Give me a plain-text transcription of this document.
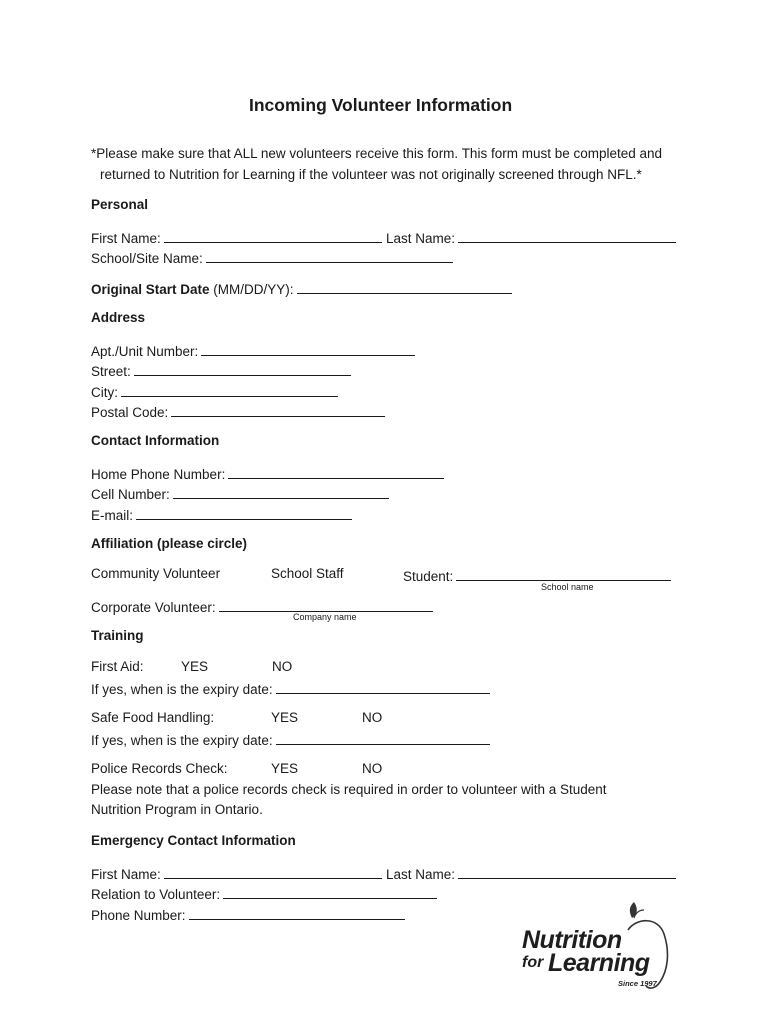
Incoming Volunteer Information
*Please make sure that ALL new volunteers receive this form. This form must be completed and
returned to Nutrition for Learning if the volunteer was not originally screened through NFL.*
Personal
First Name:	Last Name:
School/Site Name:
Original Start Date (MM/DD/YY):
Address
Apt./Unit Number:
Street:
City:
Postal Code:
Contact Information
Home Phone Number:
Cell Number:
E-mail:
Affiliation (please circle)
Community Volunteer	School Staff	Student:
School name
Corporate Volunteer:
Company name
Training
First Aid:	YES	NO
If yes, when is the expiry date:
Safe Food Handling:	YES	NO
If yes, when is the expiry date:
Police Records Check:	YES	NO
Please note that a police records check is required in order to volunteer with a Student
Nutrition Program in Ontario.
Emergency Contact Information
First Name:	Last Name:
Relation to Volunteer:
Phone Number:
Nutrition
for Learning
Since 1997
